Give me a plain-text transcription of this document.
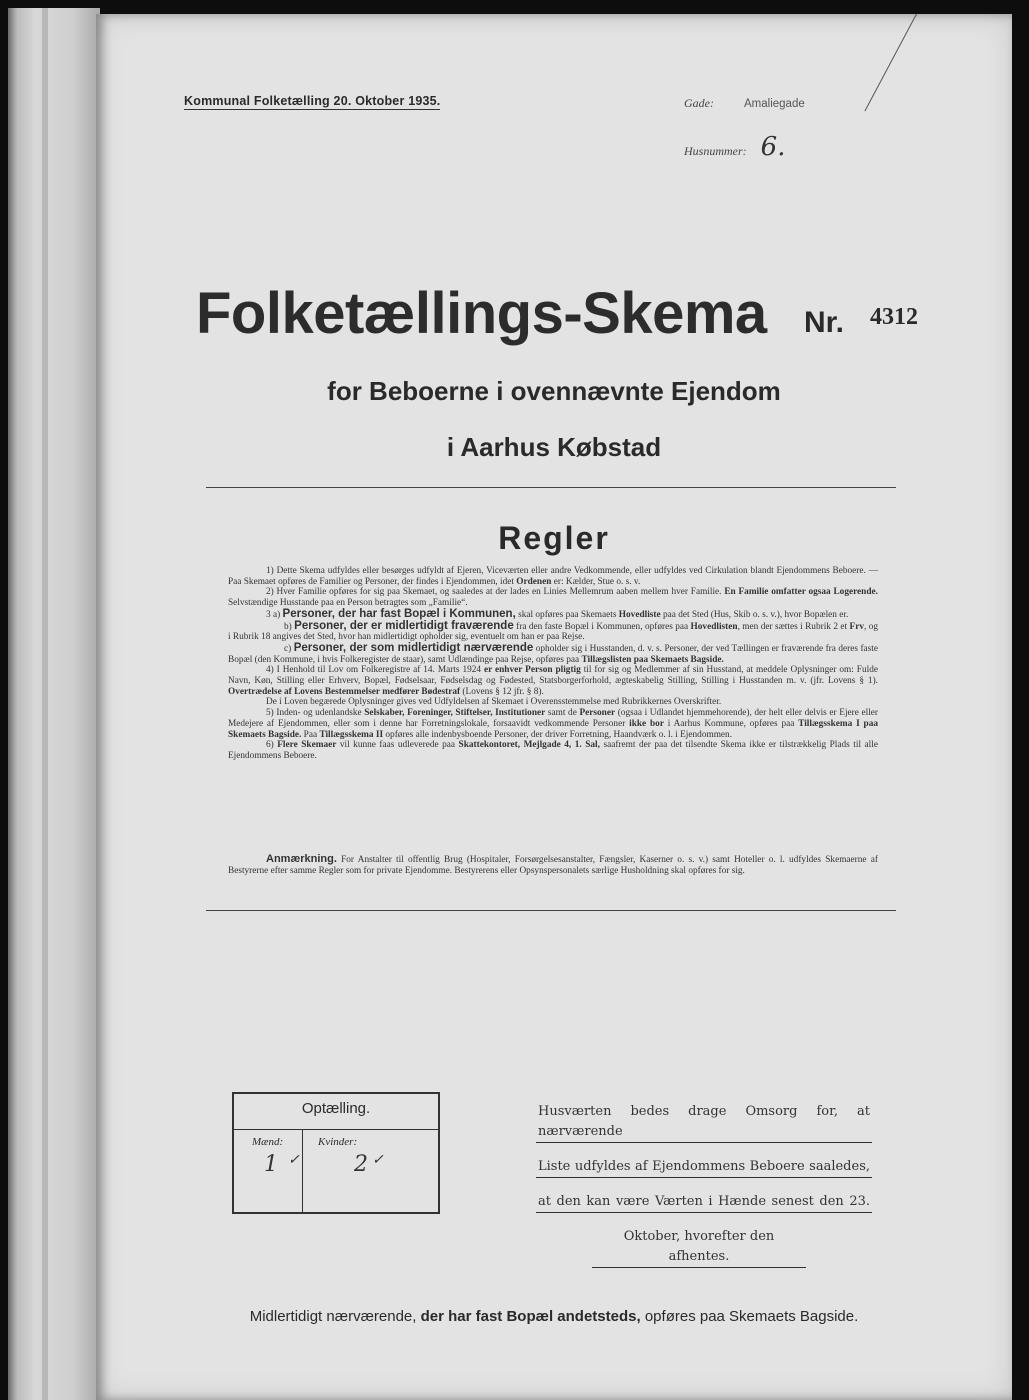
Kommunal Folketælling 20. Oktober 1935.	Gade:	Amaliegade
Husnummer: 6.
Folketællings-Skema Nr. 4312
for Beboerne i ovennævnte Ejendom
i Aarhus Købstad
Regler

1) Dette Skema udfyldes eller besørges udfyldt af Ejeren, Viceværten eller andre Vedkommende, eller udfyldes ved Cirkulation blandt Ejendommens Beboere. — Paa Skemaet opføres de Familier og Personer, der findes i Ejendommen, idet Ordenen er: Kælder, Stue o. s. v.

2) Hver Familie opføres for sig paa Skemaet, og saaledes at der lades en Linies Mellemrum aaben mellem hver Familie. En Familie omfatter ogsaa Logerende. Selvstændige Husstande paa en Person betragtes som „Familie“.

3 a) Personer, der har fast Bopæl i Kommunen, skal opføres paa Skemaets Hovedliste paa det Sted (Hus, Skib o. s. v.), hvor Bopælen er.

b) Personer, der er midlertidigt fraværende fra den faste Bopæl i Kommunen, opføres paa Hovedlisten, men der sættes i Rubrik 2 et Frv, og i Rubrik 18 angives det Sted, hvor han midlertidigt opholder sig, eventuelt om han er paa Rejse.

c) Personer, der som midlertidigt nærværende opholder sig i Husstanden, d. v. s. Personer, der ved Tællingen er fraværende fra deres faste Bopæl (den Kommune, i hvis Folkeregister de staar), samt Udlændinge paa Rejse, opføres paa Tillægslisten paa Skemaets Bagside.

4) I Henhold til Lov om Folkeregistre af 14. Marts 1924 er enhver Person pligtig til for sig og Medlemmer af sin Husstand, at meddele Oplysninger om: Fulde Navn, Køn, Stilling eller Erhverv, Bopæl, Fødselsaar, Fødselsdag og Fødested, Statsborgerforhold, ægteskabelig Stilling, Stilling i Husstanden m. v. (jfr. Lovens § 1). Overtrædelse af Lovens Bestemmelser medfører Bødestraf (Lovens § 12 jfr. § 8).

De i Loven begærede Oplysninger gives ved Udfyldelsen af Skemaet i Overensstemmelse med Rubrikkernes Overskrifter.

5) Inden- og udenlandske Selskaber, Foreninger, Stiftelser, Institutioner samt de Personer (ogsaa i Udlandet hjemmehorende), der helt eller delvis er Ejere eller Medejere af Ejendommen, eller som i denne har Forretningslokale, forsaavidt vedkommende Personer ikke bor i Aarhus Kommune, opføres paa Tillægsskema I paa Skemaets Bagside. Paa Tillægsskema II opføres alle indenbysboende Personer, der driver Forretning, Haandværk o. l. i Ejendommen.

6) Flere Skemaer vil kunne faas udleverede paa Skattekontoret, Mejlgade 4, 1. Sal, saafremt der paa det tilsendte Skema ikke er tilstrækkelig Plads til alle Ejendommens Beboere.

Anmærkning. For Anstalter til offentlig Brug (Hospitaler, Forsørgelsesanstalter, Fængsler, Kaserner o. s. v.) samt Hoteller o. l. udfyldes Skemaerne af Bestyrerne efter samme Regler som for private Ejendomme. Bestyrerens eller Opsynspersonalets særlige Husholdning skal opføres for sig.
Optælling.
Mænd:	Kvinder:
1 ✓ 2 ✓
Husværten bedes drage Omsorg for, at nærværende
Liste udfyldes af Ejendommens Beboere saaledes,
at den kan være Værten i Hænde senest den 23.
Oktober, hvorefter den afhentes.
Midlertidigt nærværende, der har fast Bopæl andetsteds, opføres paa Skemaets Bagside.
